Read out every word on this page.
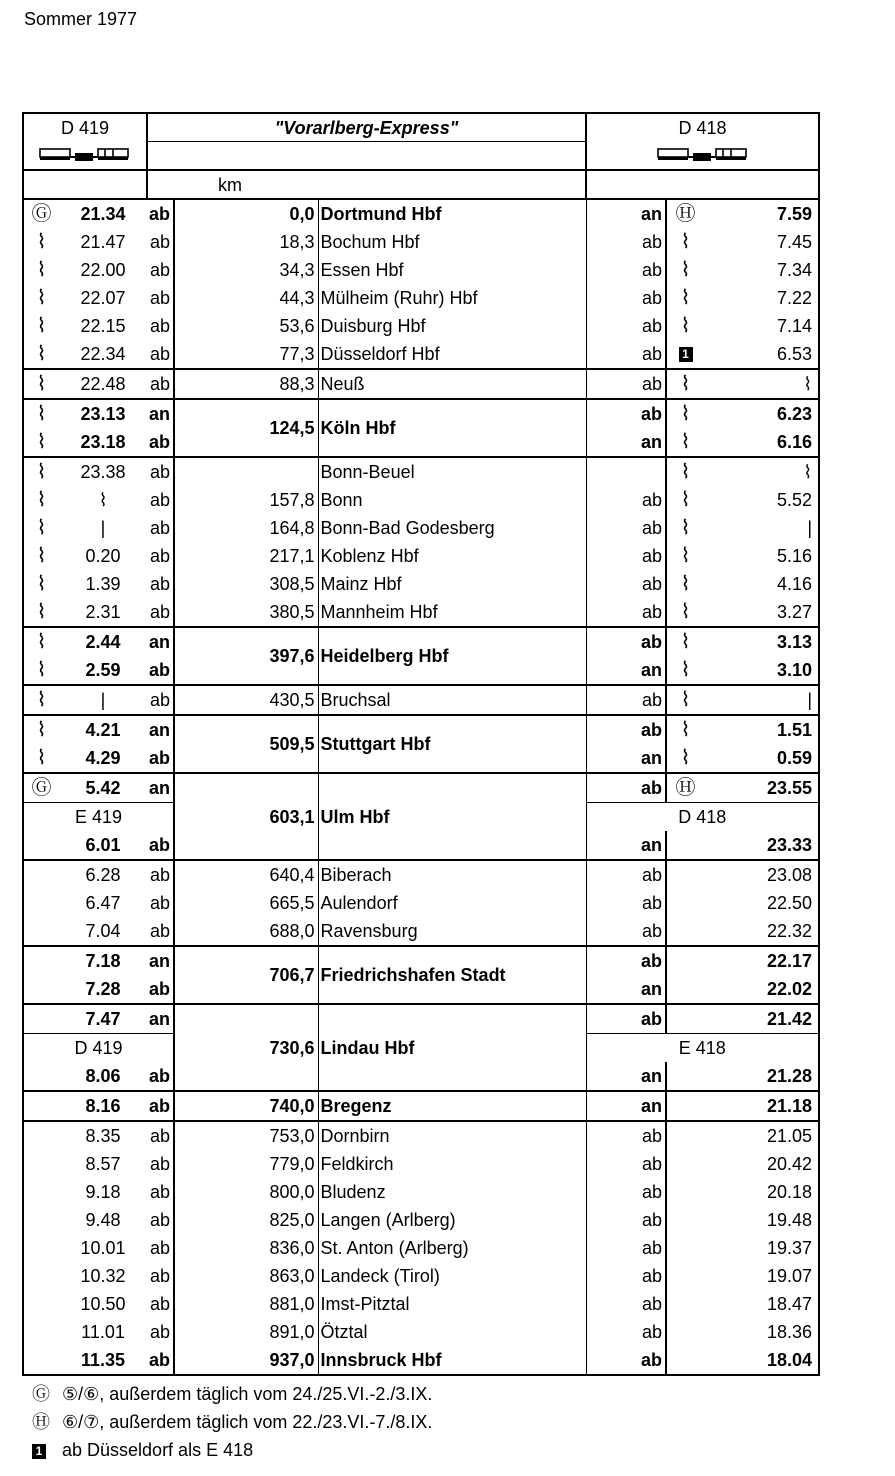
Sommer 1977
D 419		"Vorarlberg-Express"			D 418		

		km					
Ⓖ	21.34	ab	0,0	Dortmund Hbf	an	Ⓗ	7.59
⌇	21.47	ab	18,3	Bochum Hbf	ab	⌇	7.45
⌇	22.00	ab	34,3	Essen Hbf	ab	⌇	7.34
⌇	22.07	ab	44,3	Mülheim (Ruhr) Hbf	ab	⌇	7.22
⌇	22.15	ab	53,6	Duisburg Hbf	ab	⌇	7.14
⌇	22.34	ab	77,3	Düsseldorf Hbf	ab	1	6.53
⌇	22.48	ab	88,3	Neuß	ab	⌇	⌇
⌇	23.13	an	124,5	Köln Hbf	ab	⌇	6.23
⌇	23.18	ab			an	⌇	6.16
⌇	23.38	ab		Bonn-Beuel		⌇	⌇
⌇	⌇	ab	157,8	Bonn	ab	⌇	5.52
⌇	|	ab	164,8	Bonn-Bad Godesberg	ab	⌇	|
⌇	0.20	ab	217,1	Koblenz Hbf	ab	⌇	5.16
⌇	1.39	ab	308,5	Mainz Hbf	ab	⌇	4.16
⌇	2.31	ab	380,5	Mannheim Hbf	ab	⌇	3.27
⌇	2.44	an	397,6	Heidelberg Hbf	ab	⌇	3.13
⌇	2.59	ab			an	⌇	3.10
⌇	|	ab	430,5	Bruchsal	ab	⌇	|
⌇	4.21	an	509,5	Stuttgart Hbf	ab	⌇	1.51
⌇	4.29	ab			an	⌇	0.59
Ⓖ	5.42	an	603,1	Ulm Hbf	ab	Ⓗ	23.55
E 419					D 418		
	6.01	ab			an		23.33
	6.28	ab	640,4	Biberach	ab		23.08
	6.47	ab	665,5	Aulendorf	ab		22.50
	7.04	ab	688,0	Ravensburg	ab		22.32
	7.18	an	706,7	Friedrichshafen Stadt	ab		22.17
	7.28	ab			an		22.02
	7.47	an	730,6	Lindau Hbf	ab		21.42
D 419					E 418		
	8.06	ab			an		21.28
	8.16	ab	740,0	Bregenz	an		21.18
	8.35	ab	753,0	Dornbirn	ab		21.05
	8.57	ab	779,0	Feldkirch	ab		20.42
	9.18	ab	800,0	Bludenz	ab		20.18
	9.48	ab	825,0	Langen (Arlberg)	ab		19.48
	10.01	ab	836,0	St. Anton (Arlberg)	ab		19.37
	10.32	ab	863,0	Landeck (Tirol)	ab		19.07
	10.50	ab	881,0	Imst-Pitztal	ab		18.47
	11.01	ab	891,0	Ötztal	ab		18.36
	11.35	ab	937,0	Innsbruck Hbf	ab		18.04
Ⓖ ⑤/⑥, außerdem täglich vom 24./25.VI.-2./3.IX.
Ⓗ ⑥/⑦, außerdem täglich vom 22./23.VI.-7./8.IX.
1 ab Düsseldorf als E 418
